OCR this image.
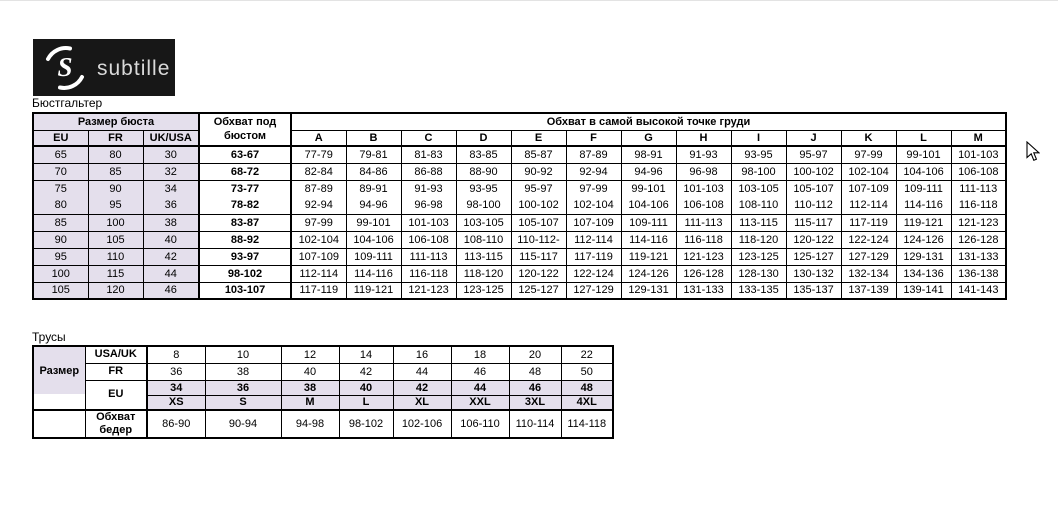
S	subtille
Бюстгальтер
Размер бюста			Обхват под бюстом	Обхват в самой высокой точке груди												
EU	FR	UK/USA		A	B	C	D	E	F	G	H	I	J	K	L	M
65	80	30	63-67	77-79	79-81	81-83	83-85	85-87	87-89	98-91	91-93	93-95	95-97	97-99	99-101	101-103
70	85	32	68-72	82-84	84-86	86-88	88-90	90-92	92-94	94-96	96-98	98-100	100-102	102-104	104-106	106-108
75	90	34	73-77	87-89	89-91	91-93	93-95	95-97	97-99	99-101	101-103	103-105	105-107	107-109	109-111	111-113
80	95	36	78-82	92-94	94-96	96-98	98-100	100-102	102-104	104-106	106-108	108-110	110-112	112-114	114-116	116-118
85	100	38	83-87	97-99	99-101	101-103	103-105	105-107	107-109	109-111	111-113	113-115	115-117	117-119	119-121	121-123
90	105	40	88-92	102-104	104-106	106-108	108-110	110-112-	112-114	114-116	116-118	118-120	120-122	122-124	124-126	126-128
95	110	42	93-97	107-109	109-111	111-113	113-115	115-117	117-119	119-121	121-123	123-125	125-127	127-129	129-131	131-133
100	115	44	98-102	112-114	114-116	116-118	118-120	120-122	122-124	124-126	126-128	128-130	130-132	132-134	134-136	136-138
105	120	46	103-107	117-119	119-121	121-123	123-125	125-127	127-129	129-131	131-133	133-135	135-137	137-139	139-141	141-143
Трусы
Размер	USA/UK	8	10	12	14	16	18	20	22
	FR	36	38	40	42	44	46	48	50
	EU	34	36	38	40	42	44	46	48
		XS	S	M	L	XL	XXL	3XL	4XL
	Обхват бедер	86-90	90-94	94-98	98-102	102-106	106-110	110-114	114-118
